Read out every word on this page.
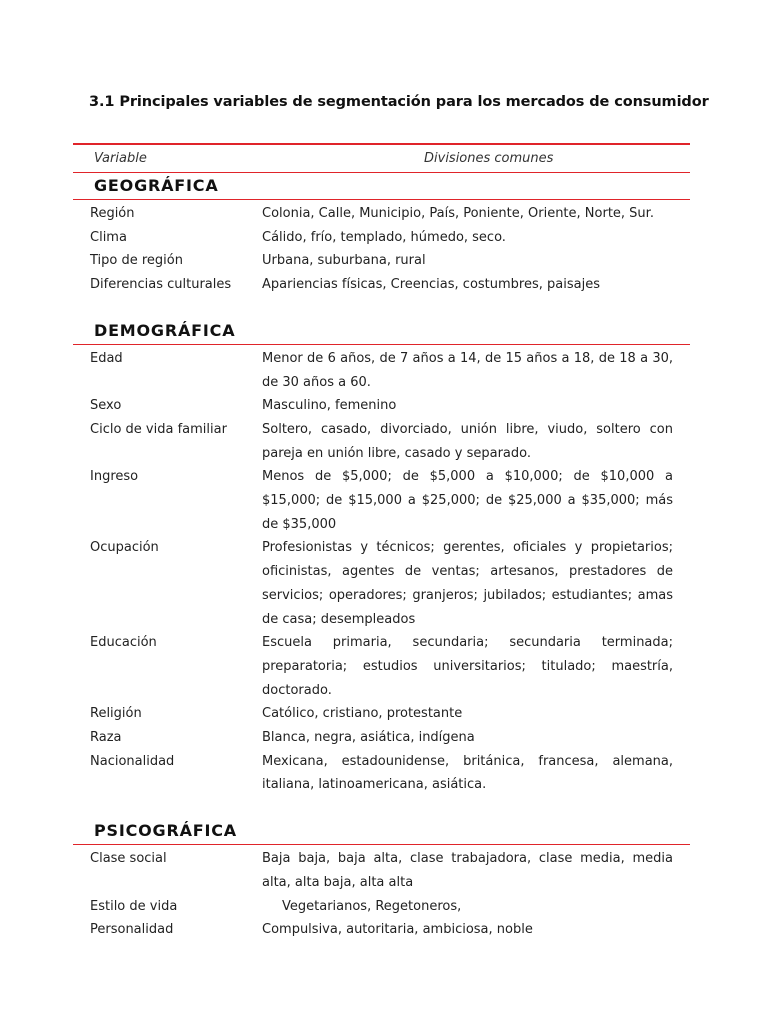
3.1 Principales variables de segmentación para los mercados de consumidor
Variable	Divisiones comunes
GEOGRÁFICA
Región	Colonia, Calle, Municipio, País, Poniente, Oriente, Norte, Sur.
Clima	Cálido, frío, templado, húmedo, seco.
Tipo de región	Urbana, suburbana, rural
Diferencias culturales	Apariencias físicas, Creencias, costumbres, paisajes
DEMOGRÁFICA
Edad	Menor de 6 años, de 7 años a 14, de 15 años a 18, de 18 a 30, de 30 años a 60.
Sexo	Masculino, femenino
Ciclo de vida familiar	Soltero, casado, divorciado, unión libre, viudo, soltero con pareja en unión libre, casado y separado.
Ingreso	Menos de $5,000; de $5,000 a $10,000; de $10,000 a $15,000; de $15,000 a $25,000; de $25,000 a $35,000; más de $35,000
Ocupación	Profesionistas y técnicos; gerentes, oficiales y propietarios; oficinistas, agentes de ventas; artesanos, prestadores de servicios; operadores; granjeros; jubilados; estudiantes; amas de casa; desempleados
Educación	Escuela primaria, secundaria; secundaria terminada; preparatoria; estudios universitarios; titulado; maestría, doctorado.
Religión	Católico, cristiano, protestante
Raza	Blanca, negra, asiática, indígena
Nacionalidad	Mexicana, estadounidense, británica, francesa, alemana, italiana, latinoamericana, asiática.
PSICOGRÁFICA
Clase social	Baja baja, baja alta, clase trabajadora, clase media, media alta, alta baja, alta alta
Estilo de vida	Vegetarianos, Regetoneros,
Personalidad	Compulsiva, autoritaria, ambiciosa, noble
